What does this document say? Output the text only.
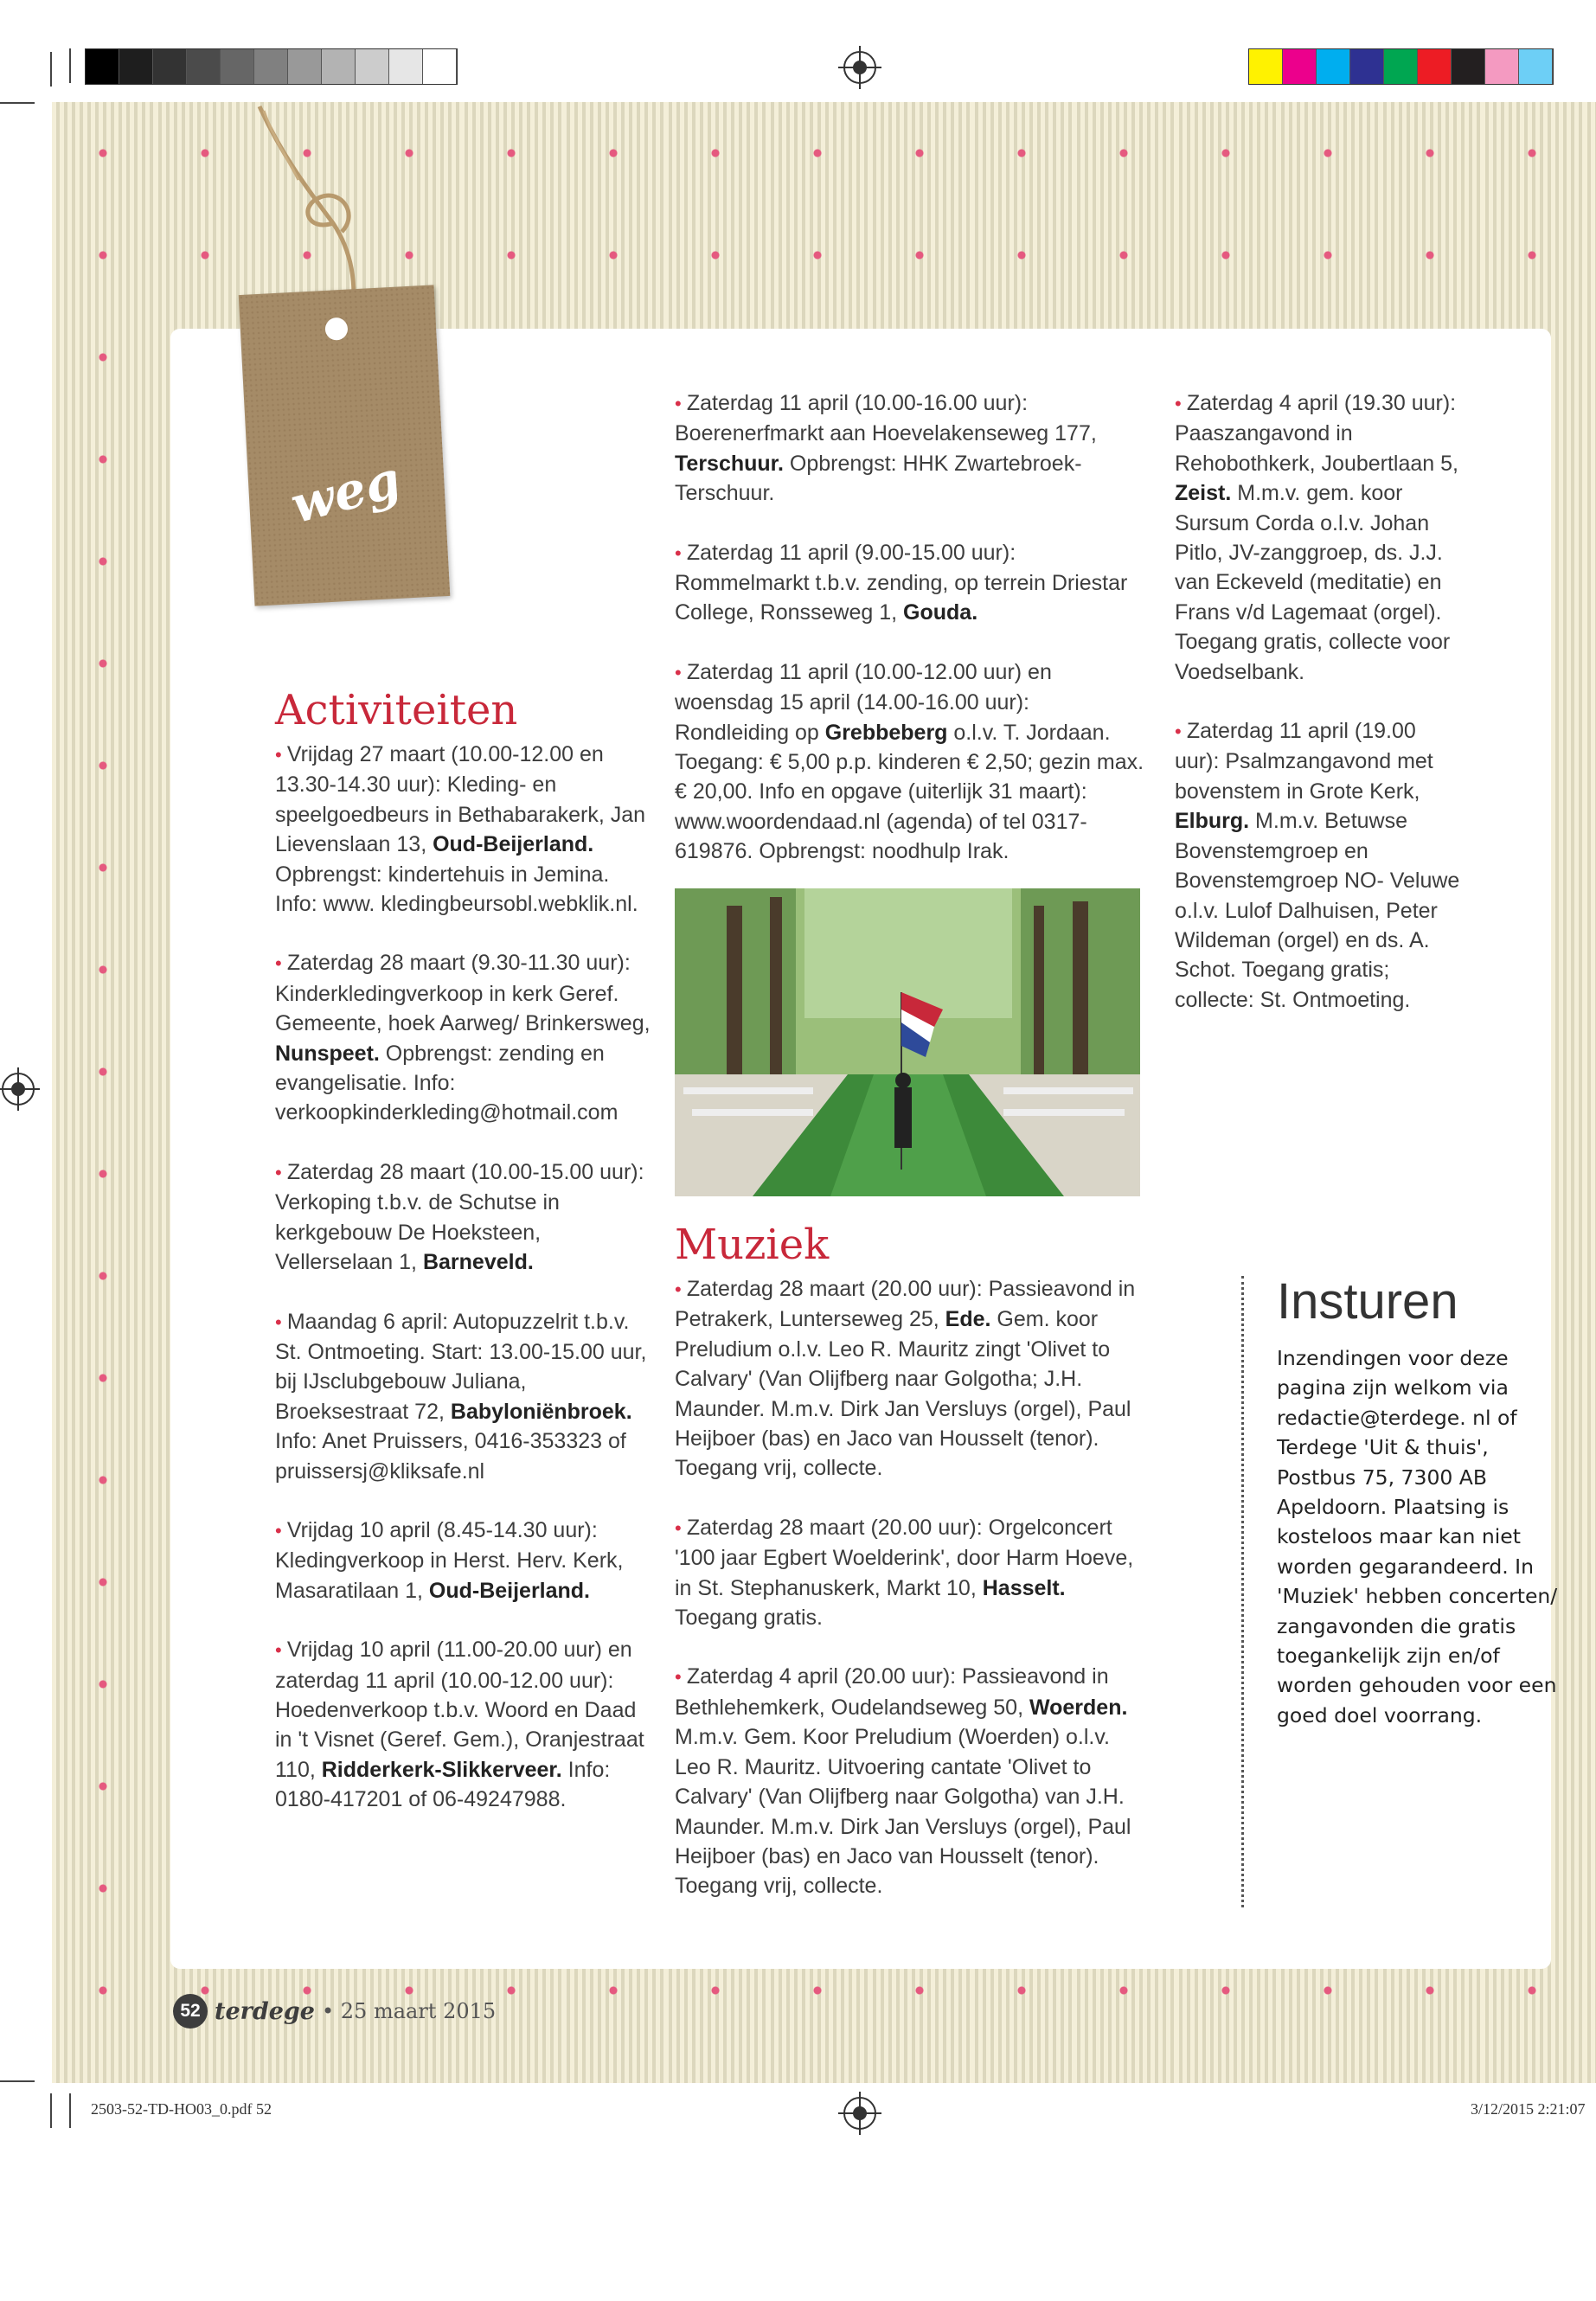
weg
Activiteiten

• Vrijdag 27 maart (10.00-12.00 en 13.30-14.30 uur): Kleding- en speelgoedbeurs in Bethabarakerk, Jan Lievenslaan 13, Oud-Beijerland. Opbrengst: kindertehuis in Jemina. Info: www. kledingbeursobl.webklik.nl.

• Zaterdag 28 maart (9.30-11.30 uur): Kinderkledingverkoop in kerk Geref. Gemeente, hoek Aarweg/ Brinkersweg, Nunspeet. Opbrengst: zending en evangelisatie. Info: verkoopkinderkleding@hotmail.com

• Zaterdag 28 maart (10.00-15.00 uur): Verkoping t.b.v. de Schutse in kerkgebouw De Hoeksteen, Vellerselaan 1, Barneveld.

• Maandag 6 april: Autopuzzelrit t.b.v. St. Ontmoeting. Start: 13.00-15.00 uur, bij IJsclubgebouw Juliana, Broeksestraat 72, Babyloniënbroek. Info: Anet Pruissers, 0416-353323 of pruissersj@kliksafe.nl

• Vrijdag 10 april (8.45-14.30 uur): Kledingverkoop in Herst. Herv. Kerk, Masaratilaan 1, Oud-Beijerland.

• Vrijdag 10 april (11.00-20.00 uur) en zaterdag 11 april (10.00-12.00 uur): Hoedenverkoop t.b.v. Woord en Daad in 't Visnet (Geref. Gem.), Oranjestraat 110, Ridderkerk-Slikkerveer. Info: 0180-417201 of 06-49247988.

• Zaterdag 11 april (10.00-16.00 uur): Boerenerfmarkt aan Hoevelakenseweg 177, Terschuur. Opbrengst: HHK Zwartebroek-Terschuur.

• Zaterdag 11 april (9.00-15.00 uur): Rommelmarkt t.b.v. zending, op terrein Driestar College, Ronsseweg 1, Gouda.

• Zaterdag 11 april (10.00-12.00 uur) en woensdag 15 april (14.00-16.00 uur): Rondleiding op Grebbeberg o.l.v. T. Jordaan. Toegang: € 5,00 p.p. kinderen € 2,50; gezin max. € 20,00. Info en opgave (uiterlijk 31 maart): www.woordendaad.nl (agenda) of tel 0317-619876. Opbrengst: noodhulp Irak.

Muziek

• Zaterdag 28 maart (20.00 uur): Passieavond in Petrakerk, Lunterseweg 25, Ede. Gem. koor Preludium o.l.v. Leo R. Mauritz zingt 'Olivet to Calvary' (Van Olijfberg naar Golgotha; J.H. Maunder. M.m.v. Dirk Jan Versluys (orgel), Paul Heijboer (bas) en Jaco van Housselt (tenor). Toegang vrij, collecte.

• Zaterdag 28 maart (20.00 uur): Orgelconcert '100 jaar Egbert Woelderink', door Harm Hoeve, in St. Stephanuskerk, Markt 10, Hasselt. Toegang gratis.

• Zaterdag 4 april (20.00 uur): Passieavond in Bethlehemkerk, Oudelandseweg 50, Woerden. M.m.v. Gem. Koor Preludium (Woerden) o.l.v. Leo R. Mauritz. Uitvoering cantate 'Olivet to Calvary' (Van Olijfberg naar Golgotha) van J.H. Maunder. M.m.v. Dirk Jan Versluys (orgel), Paul Heijboer (bas) en Jaco van Housselt (tenor). Toegang vrij, collecte.

• Zaterdag 4 april (19.30 uur): Paaszangavond in Rehobothkerk, Joubertlaan 5, Zeist. M.m.v. gem. koor Sursum Corda o.l.v. Johan Pitlo, JV-zanggroep, ds. J.J. van Eckeveld (meditatie) en Frans v/d Lagemaat (orgel). Toegang gratis, collecte voor Voedselbank.

• Zaterdag 11 april (19.00 uur): Psalmzangavond met bovenstem in Grote Kerk, Elburg. M.m.v. Betuwse Bovenstemgroep en Bovenstemgroep NO- Veluwe o.l.v. Lulof Dalhuisen, Peter Wildeman (orgel) en ds. A. Schot. Toegang gratis; collecte: St. Ontmoeting.

Insturen

Inzendingen voor deze pagina zijn welkom via redactie@terdege. nl of Terdege 'Uit & thuis', Postbus 75, 7300 AB Apeldoorn. Plaatsing is kosteloos maar kan niet worden gegarandeerd. In 'Muziek' hebben concerten/ zangavonden die gratis toegankelijk zijn en/of worden gehouden voor een goed doel voorrang.

52 terdege • 25 maart 2015
2503-52-TD-HO03_0.pdf 52	3/12/2015 2:21:07
